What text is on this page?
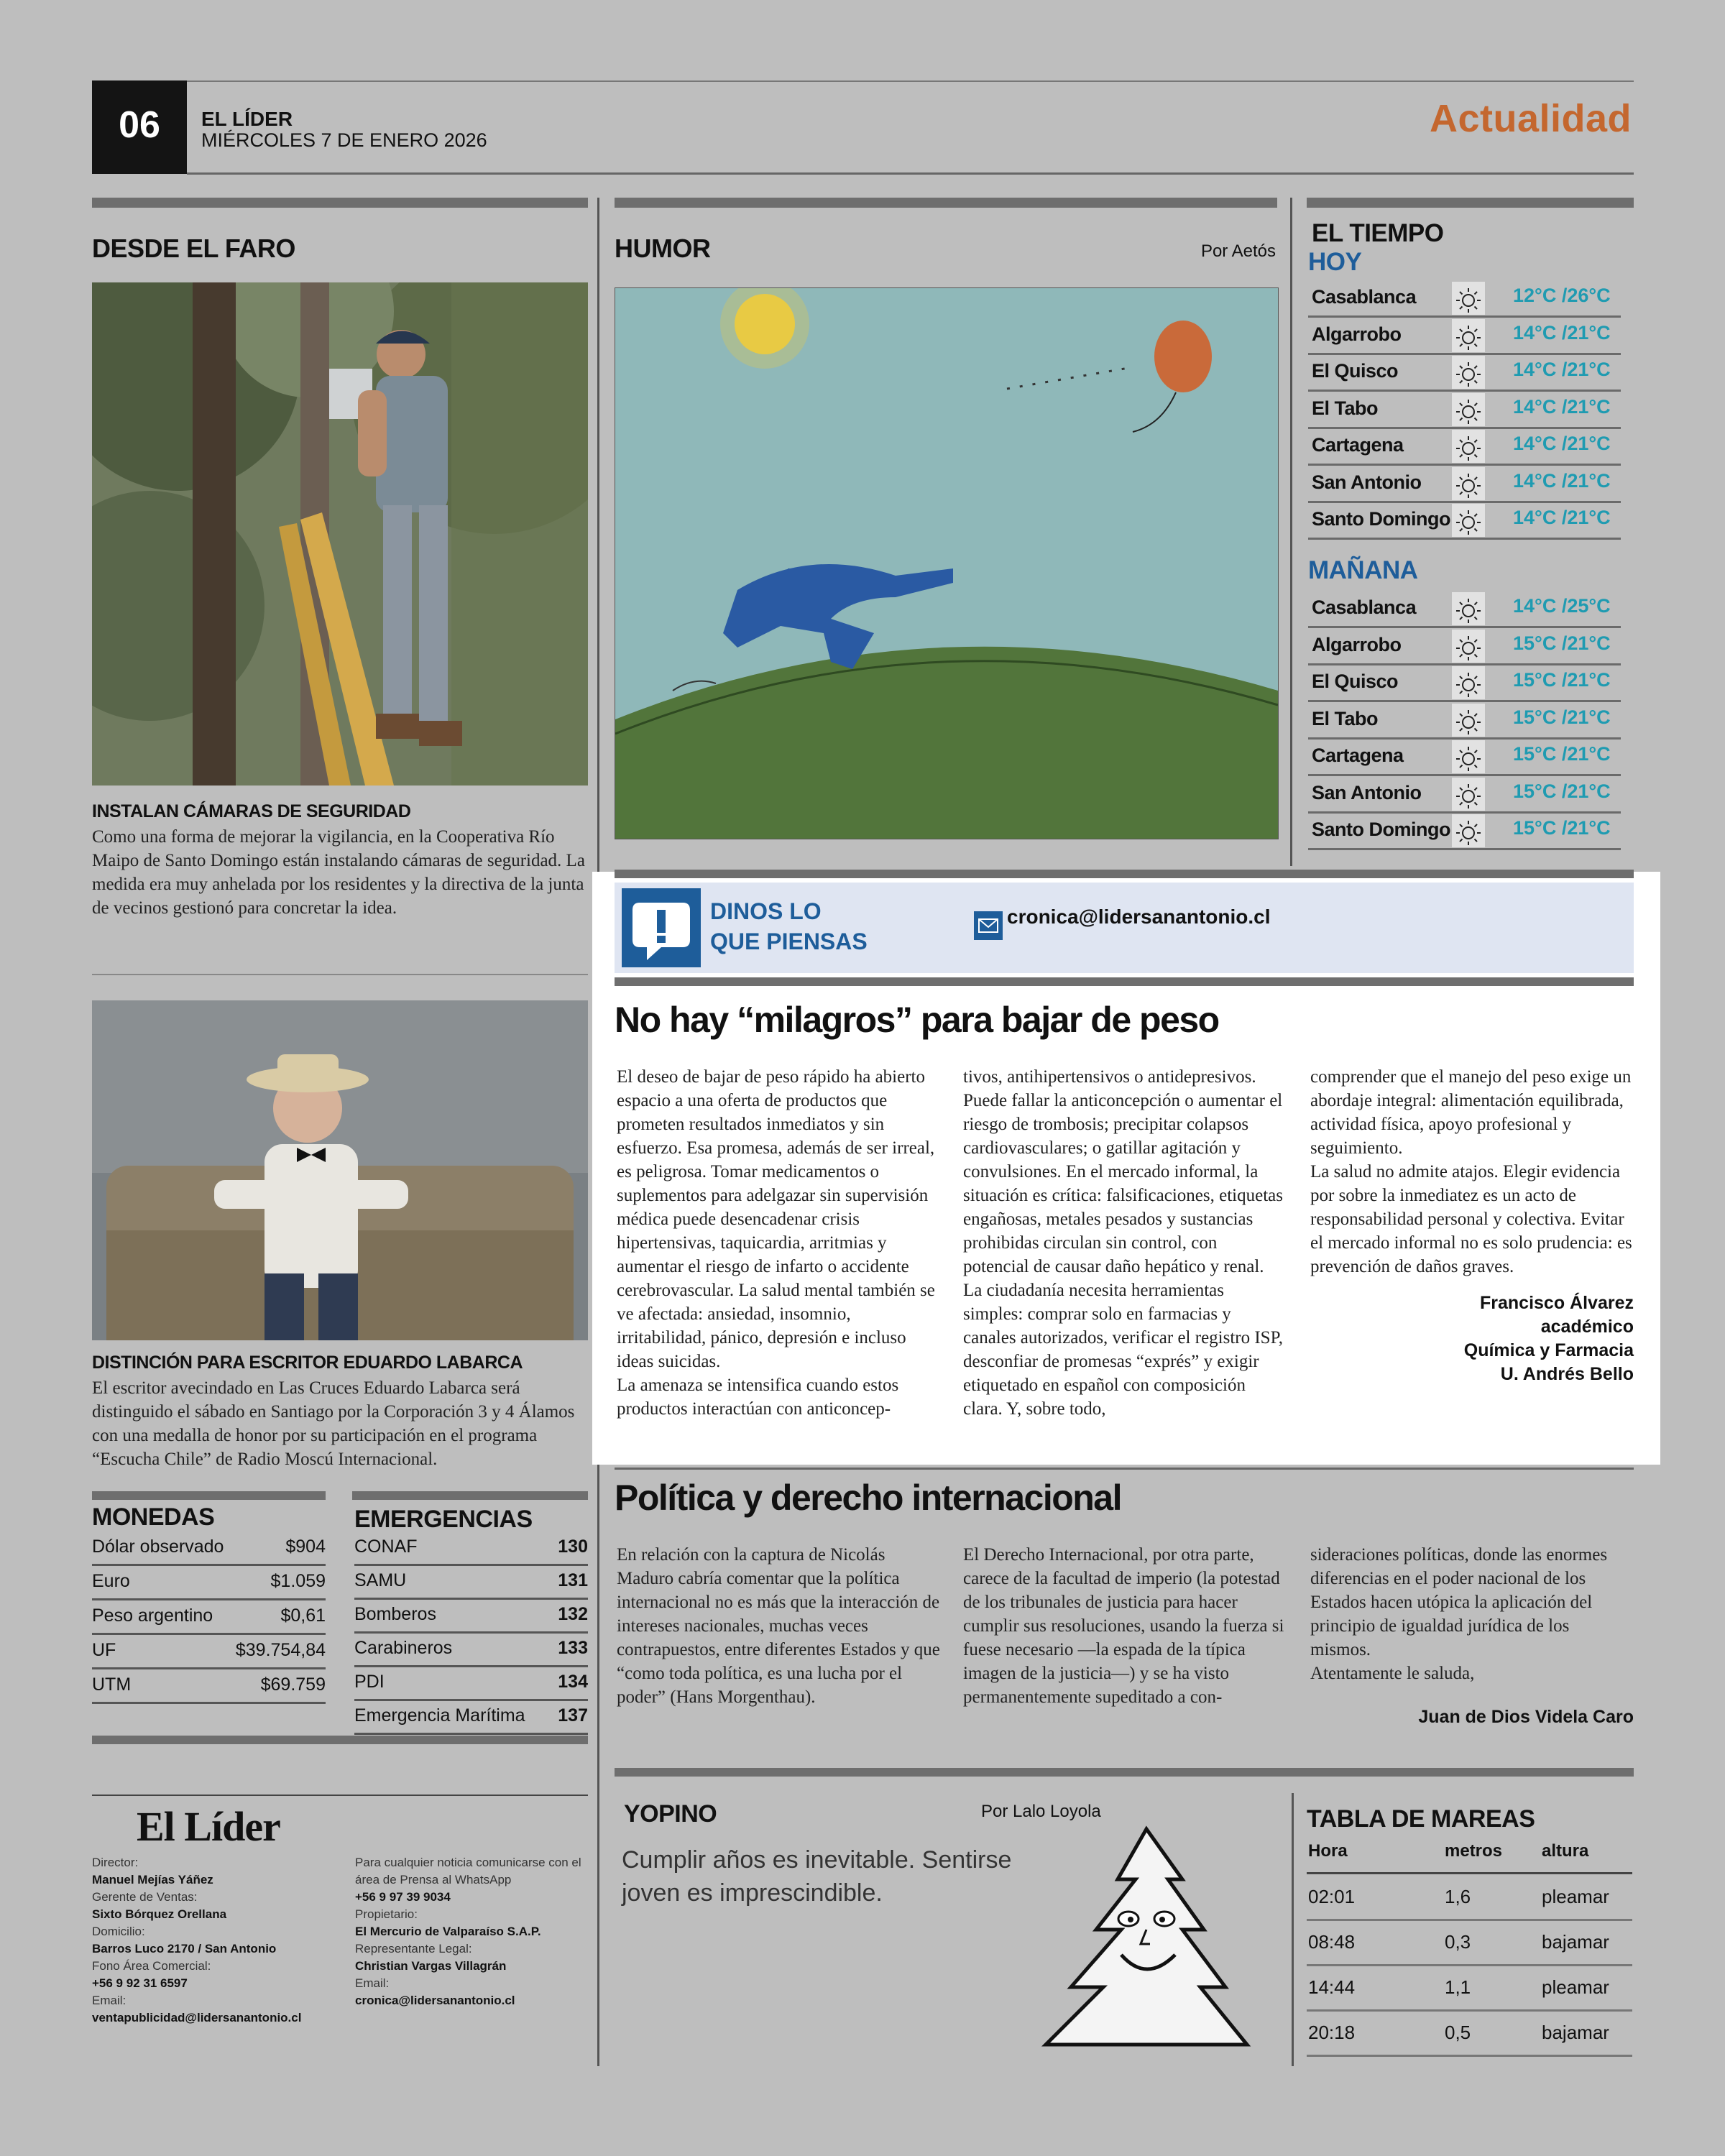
06	EL LÍDER
MIÉRCOLES 7 DE ENERO 2026	Actualidad
DESDE EL FARO
INSTALAN CÁMARAS DE SEGURIDAD
Como una forma de mejorar la vigilancia, en la Cooperativa Río Maipo de Santo Domingo están instalando cámaras de seguridad. La medida era muy anhelada por los residentes y la directiva de la junta de vecinos gestionó para concretar la idea.
DISTINCIÓN PARA ESCRITOR EDUARDO LABARCA
El escritor avecindado en Las Cruces Eduardo Labarca será distinguido el sábado en Santiago por la Corporación 3 y 4 Álamos con una medalla de honor por su participación en el programa “Escucha Chile” de Radio Moscú Internacional.
HUMOR	Por Aetós
EL TIEMPO
HOY
Casablanca	12°C /26°C
Algarrobo	14°C /21°C
El Quisco	14°C /21°C
El Tabo	14°C /21°C
Cartagena	14°C /21°C
San Antonio	14°C /21°C
Santo Domingo	14°C /21°C
MAÑANA
Casablanca	14°C /25°C
Algarrobo	15°C /21°C
El Quisco	15°C /21°C
El Tabo	15°C /21°C
Cartagena	15°C /21°C
San Antonio	15°C /21°C
Santo Domingo	15°C /21°C
DINOS LO
QUE PIENSAS
cronica@lidersanantonio.cl
No hay “milagros” para bajar de peso
El deseo de bajar de peso rápido ha abierto espacio a una oferta de productos que prometen resultados inmediatos y sin esfuerzo. Esa promesa, además de ser irreal, es peligrosa. Tomar medicamentos o suplementos para adelgazar sin supervisión médica puede desencadenar crisis hipertensivas, taquicardia, arritmias y aumentar el riesgo de infarto o accidente cerebrovascular. La salud mental también se ve afectada: ansiedad, insomnio, irritabilidad, pánico, depresión e incluso ideas suicidas.
La amenaza se intensifica cuando estos productos interactúan con anticoncep-
tivos, antihipertensivos o antidepresivos. Puede fallar la anticoncepción o aumentar el riesgo de trombosis; precipitar colapsos cardiovasculares; o gatillar agitación y convulsiones. En el mercado informal, la situación es crítica: falsificaciones, etiquetas engañosas, metales pesados y sustancias prohibidas circulan sin control, con potencial de causar daño hepático y renal.
La ciudadanía necesita herramientas simples: comprar solo en farmacias y canales autorizados, verificar el registro ISP, desconfiar de promesas “exprés” y exigir etiquetado en español con composición clara. Y, sobre todo,
comprender que el manejo del peso exige un abordaje integral: alimentación equilibrada, actividad física, apoyo profesional y seguimiento.
La salud no admite atajos. Elegir evidencia por sobre la inmediatez es un acto de responsabilidad personal y colectiva. Evitar el mercado informal no es solo prudencia: es prevención de daños graves.
Francisco Álvarez
académico
Química y Farmacia
U. Andrés Bello
Política y derecho internacional
En relación con la captura de Nicolás Maduro cabría comentar que la política internacional no es más que la interacción de intereses nacionales, muchas veces contrapuestos, entre diferentes Estados y que “como toda política, es una lucha por el poder” (Hans Morgenthau).
El Derecho Internacional, por otra parte, carece de la facultad de imperio (la potestad de los tribunales de justicia para hacer cumplir sus resoluciones, usando la fuerza si fuese necesario —la espada de la típica imagen de la justicia—) y se ha visto permanentemente supeditado a con-
sideraciones políticas, donde las enormes diferencias en el poder nacional de los Estados hacen utópica la aplicación del principio de igualdad jurídica de los mismos.
Atentamente le saluda,
Juan de Dios Videla Caro
MONEDAS
Dólar observado	$904
Euro	$1.059
Peso argentino	$0,61
UF	$39.754,84
UTM	$69.759
EMERGENCIAS
CONAF	130
SAMU	131
Bomberos	132
Carabineros	133
PDI	134
Emergencia Marítima 137
El Líder
Director:
Manuel Mejías Yáñez
Gerente de Ventas:
Sixto Bórquez Orellana
Domicilio:
Barros Luco 2170 / San Antonio
Fono Área Comercial:
+56 9 92 31 6597
Email:
ventapublicidad@lidersanantonio.cl
Para cualquier noticia comunicarse con el área de Prensa al WhatsApp
+56 9 97 39 9034
Propietario:
El Mercurio de Valparaíso S.A.P.
Representante Legal:
Christian Vargas Villagrán
Email:
cronica@lidersanantonio.cl
YOPINO	Por Lalo Loyola
Cumplir años es inevitable. Sentirse joven es imprescindible.
TABLA DE MAREAS
Hora	metros altura
02:01	1,6	pleamar
08:48	0,3	bajamar
14:44	1,1	pleamar
20:18	0,5	bajamar
